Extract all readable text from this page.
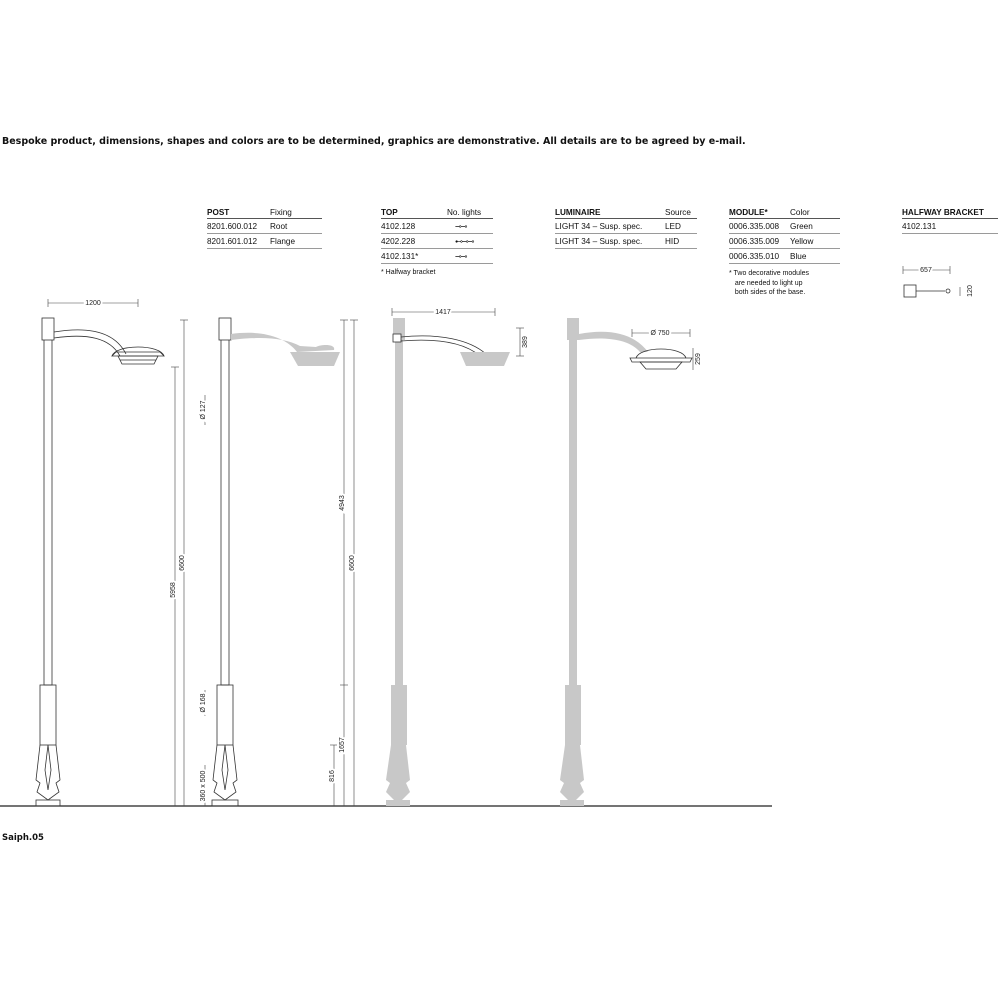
Bespoke product, dimensions, shapes and colors are to be determined, graphics are demonstrative. All details are to be agreed by e-mail.
POST	Fixing
8201.600.012	Root
8201.601.012	Flange
TOP	No. lights
4102.128	⊸⊸
4202.228	⊷⊸⊸
4102.131*	⊸⊸
* Halfway bracket
LUMINAIRE	Source
LIGHT 34 – Susp. spec.	LED
LIGHT 34 – Susp. spec.	HID
MODULE*	Color
0006.335.008	Green
0006.335.009	Yellow
0006.335.010	Blue
* Two decorative modules
are needed to light up
both sides of the base.
HALFWAY BRACKET
4102.131
1200
1417
657
Ø 750
120
259
389
5958
6600
Ø 127
Ø 168
360 x 500
4943
6600
1657
816
Saiph.05
